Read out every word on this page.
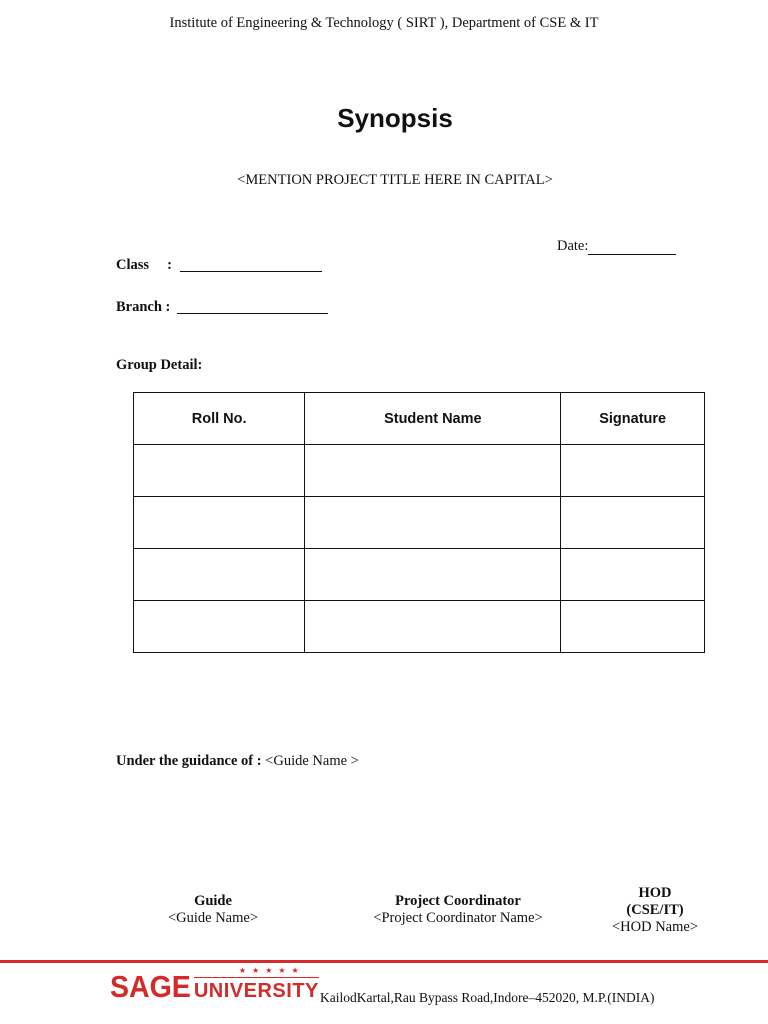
Institute of Engineering & Technology ( SIRT ), Department of CSE & IT
Synopsis
<MENTION PROJECT TITLE HERE IN CAPITAL>
Date:
Class     :
Branch :
Group Detail:
Roll No.	Student Name	Signature

Under the guidance of : <Guide Name >
Guide
<Guide Name>
Project Coordinator
<Project Coordinator Name>
HOD
(CSE/IT)
<HOD Name>
SAGE	★ ★ ★ ★ ★
UNIVERSITY KailodKartal,Rau Bypass Road,Indore–452020, M.P.(INDIA)
